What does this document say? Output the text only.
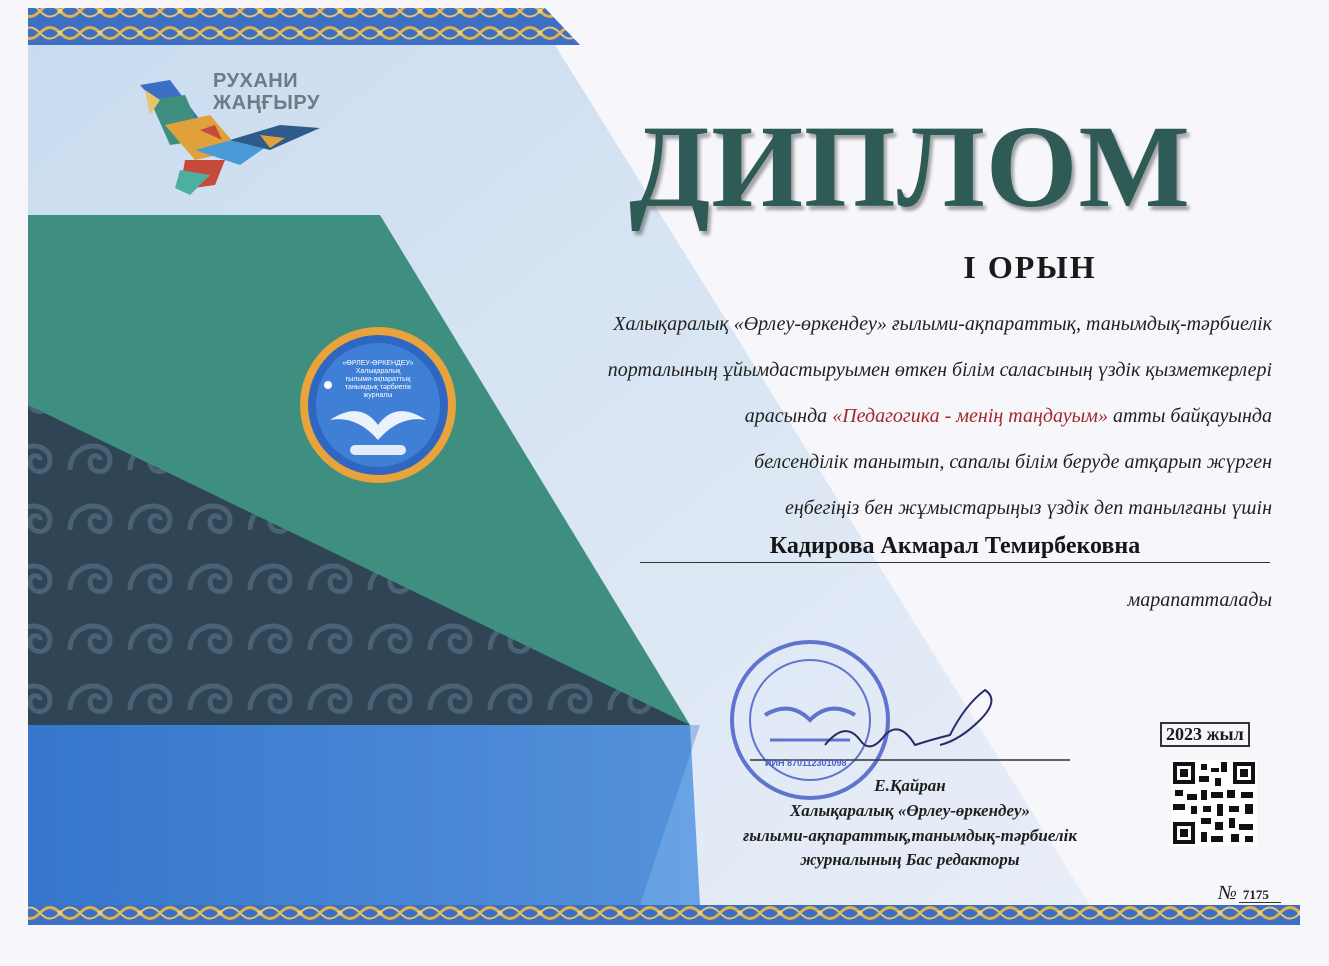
РУХАНИ
ЖАҢҒЫРУ
«ӨРЛЕУ-ӨРКЕНДЕУ»
Халықаралық
ғылыми-ақпараттық
танымдық тәрбиелік
журналы
ИИН 870112301098
ДИПЛОМ
I ОРЫН
Халықаралық «Өрлеу-өркендеу» ғылыми-ақпараттық, танымдық-тәрбиелік
порталының ұйымдастыруымен өткен білім саласының үздік қызметкерлері
арасында «Педагогика - менің таңдауым» атты байқауында
белсенділік танытып, сапалы білім беруде атқарып жүрген
еңбегіңіз бен жұмыстарыңыз үздік деп танылғаны үшін
Кадирова Акмарал Темирбековна
марапатталады
Е.Қайран
Халықаралық «Өрлеу-өркендеу»
ғылыми-ақпараттық,танымдық-тәрбиелік
журналының Бас редакторы
2023 жыл
№ 7175
